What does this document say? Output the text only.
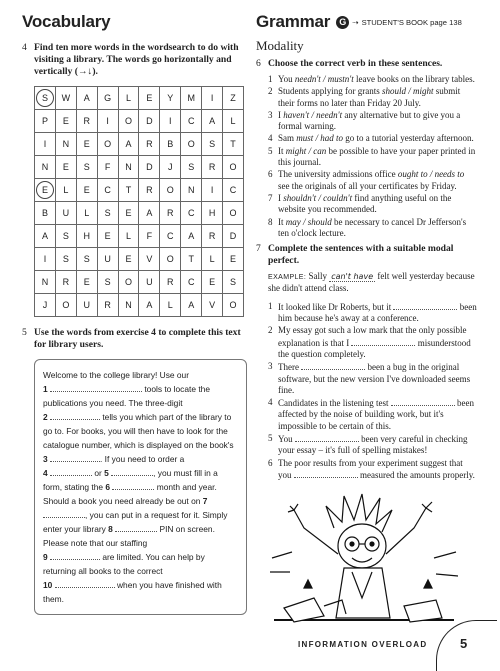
Vocabulary
4 Find ten more words in the wordsearch to do with visiting a library. The words go horizontally and vertically (→↓).
S	W	A	G	L	E	Y	M	I	Z
P	E	R	I	O	D	I	C	A	L
I	N	E	O	A	R	B	O	S	T
N	E	S	F	N	D	J	S	R	O

E	L	E	C	T	R	O	N	I	C
B	U	L	S	E	A	R	C	H	O
A	S	H	E	L	F	C	A	R	D
I	S	S	U	E	V	O	T	L	E
N	R	E	S	O	U	R	C	E	S
J	O	U	R	N	A	L	A	V	O
5 Use the words from exercise 4 to complete this text for library users.
Welcome to the college library! Use our
1	tools to locate the publications you need. The three-digit
2	tells you which part of the library to go to. For books, you will then have to look for the catalogue number, which is displayed on the book's 3	. If you need to order a
4	or 5	, you must fill in a form, stating the 6	month and year. Should a book you need already be out on 7 , you can put in a request for it. Simply enter your library 8	PIN on screen. Please note that our staffing
9	are limited. You can help by returning all books to the correct
10	when you have finished with them.
Grammar G ⇢ STUDENT'S BOOK page 138
Modality
6 Choose the correct verb in these sentences.
1 You needn't / mustn't leave books on the library tables.
2 Students applying for grants should / might submit their forms no later than Friday 20 July.
3 I haven't / needn't any alternative but to give you a formal warning.
4 Sam must / had to go to a tutorial yesterday afternoon.
5 It might / can be possible to have your paper printed in this journal.
6 The university admissions office ought to / needs to see the originals of all your certificates by Friday.
7 I shouldn't / couldn't find anything useful on the website you recommended.
8 It may / should be necessary to cancel Dr Jefferson's ten o'clock lecture.
7 Complete the sentences with a suitable modal perfect.
EXAMPLE: Sally can't have felt well yesterday because she didn't attend class.
1 It looked like Dr Roberts, but it	been him because he's away at a conference.
2 My essay got such a low mark that the only possible explanation is that I	misunderstood the question completely.
3 There	been a bug in the original software, but the new version I've downloaded seems fine.
4 Candidates in the listening test	been affected by the noise of building work, but it's impossible to be certain of this.
5 You	been very careful in checking your essay – it's full of spelling mistakes!
6 The poor results from your experiment suggest that you	measured the amounts properly.
INFORMATION OVERLOAD	5
